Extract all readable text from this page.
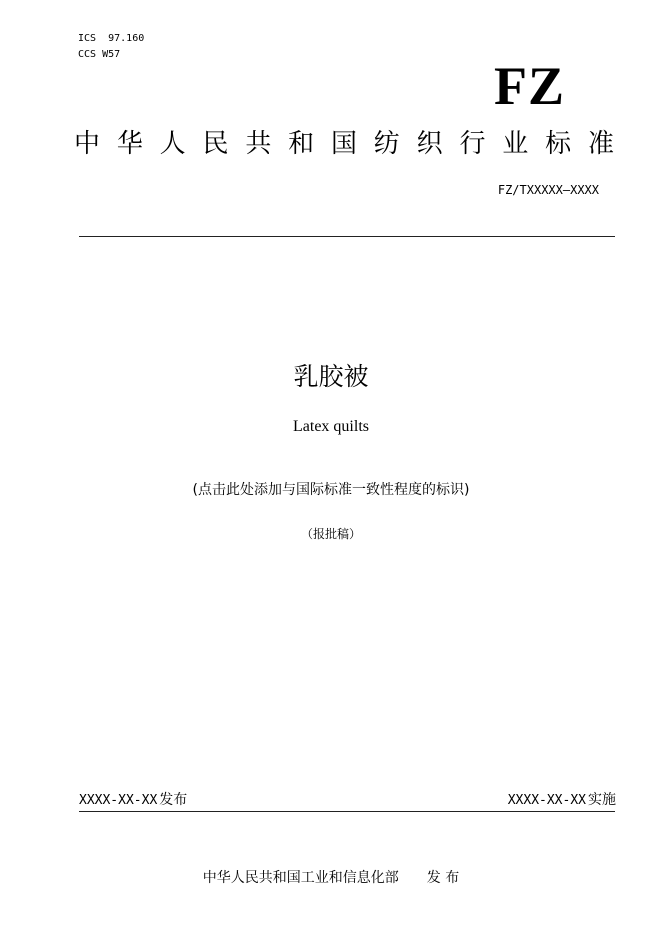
ICS 97.160
CCS W57
FZ
中 华 人 民 共 和 国 纺 织 行 业 标 准
FZ/TXXXXX—XXXX
乳胶被
Latex quilts
(点击此处添加与国际标准一致性程度的标识)
（报批稿）
XXXX-XX-XX 发布	XXXX-XX-XX 实施
中华人民共和国工业和信息化部 发 布
